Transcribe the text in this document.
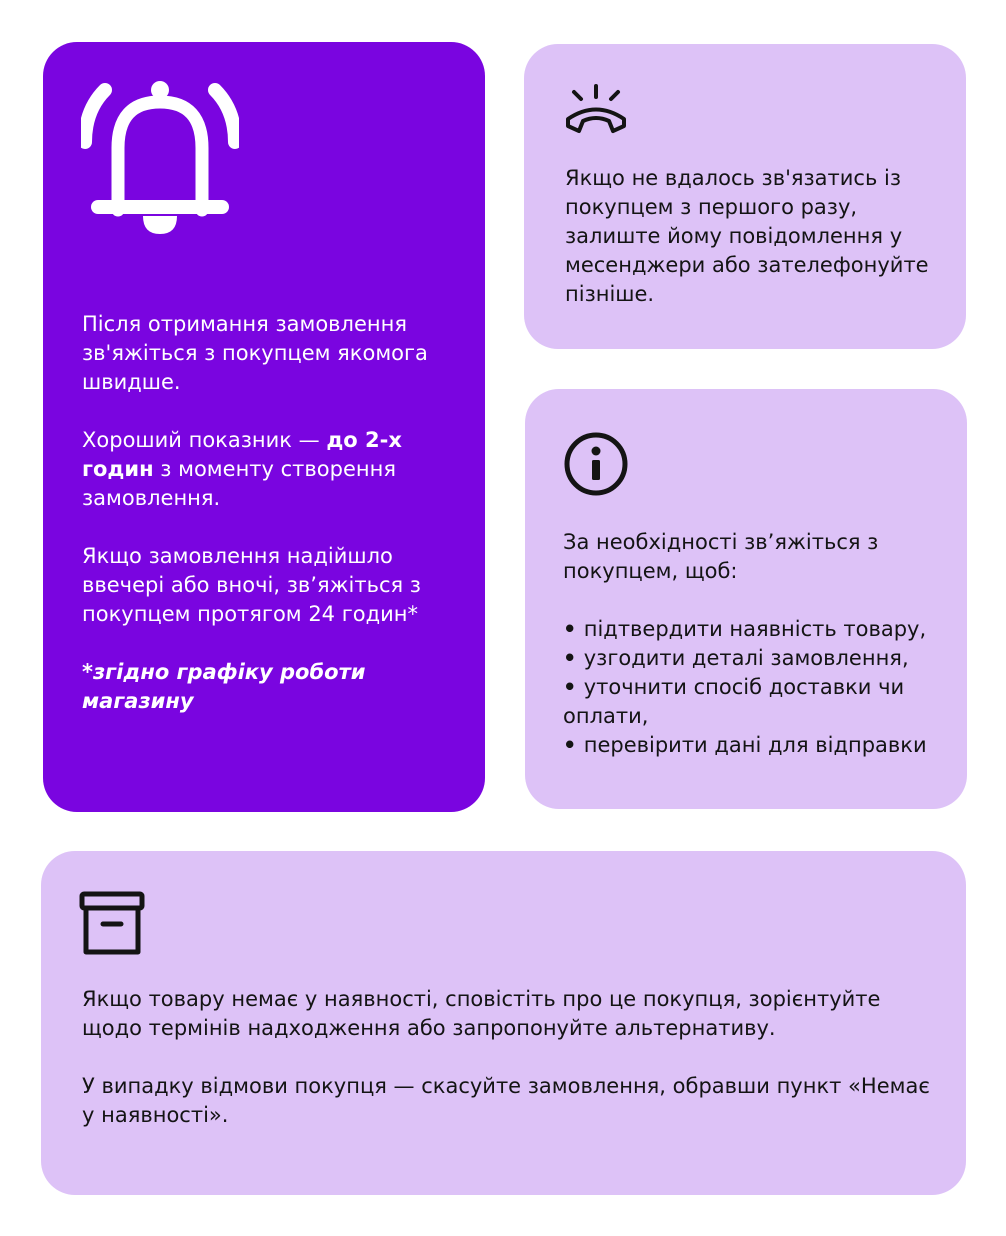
Після отримання замовлення зв'яжіться з покупцем якомога швидше.

Хороший показник — до 2-х годин з моменту створення замовлення.

Якщо замовлення надійшло ввечері або вночі, зв’яжіться з покупцем протягом 24 годин*

*згідно графіку роботи магазину

Якщо не вдалось зв'язатись із покупцем з першого разу, залиште йому повідомлення у месенджери або зателефонуйте пізніше.

За необхідності зв’яжіться з покупцем, щоб:

• підтвердити наявність товару,
• узгодити деталі замовлення,
• уточнити спосіб доставки чи оплати,
• перевірити дані для відправки

Якщо товару немає у наявності, сповістіть про це покупця, зорієнтуйте щодо термінів надходження або запропонуйте альтернативу.

У випадку відмови покупця — скасуйте замовлення, обравши пункт «Немає у наявності».
